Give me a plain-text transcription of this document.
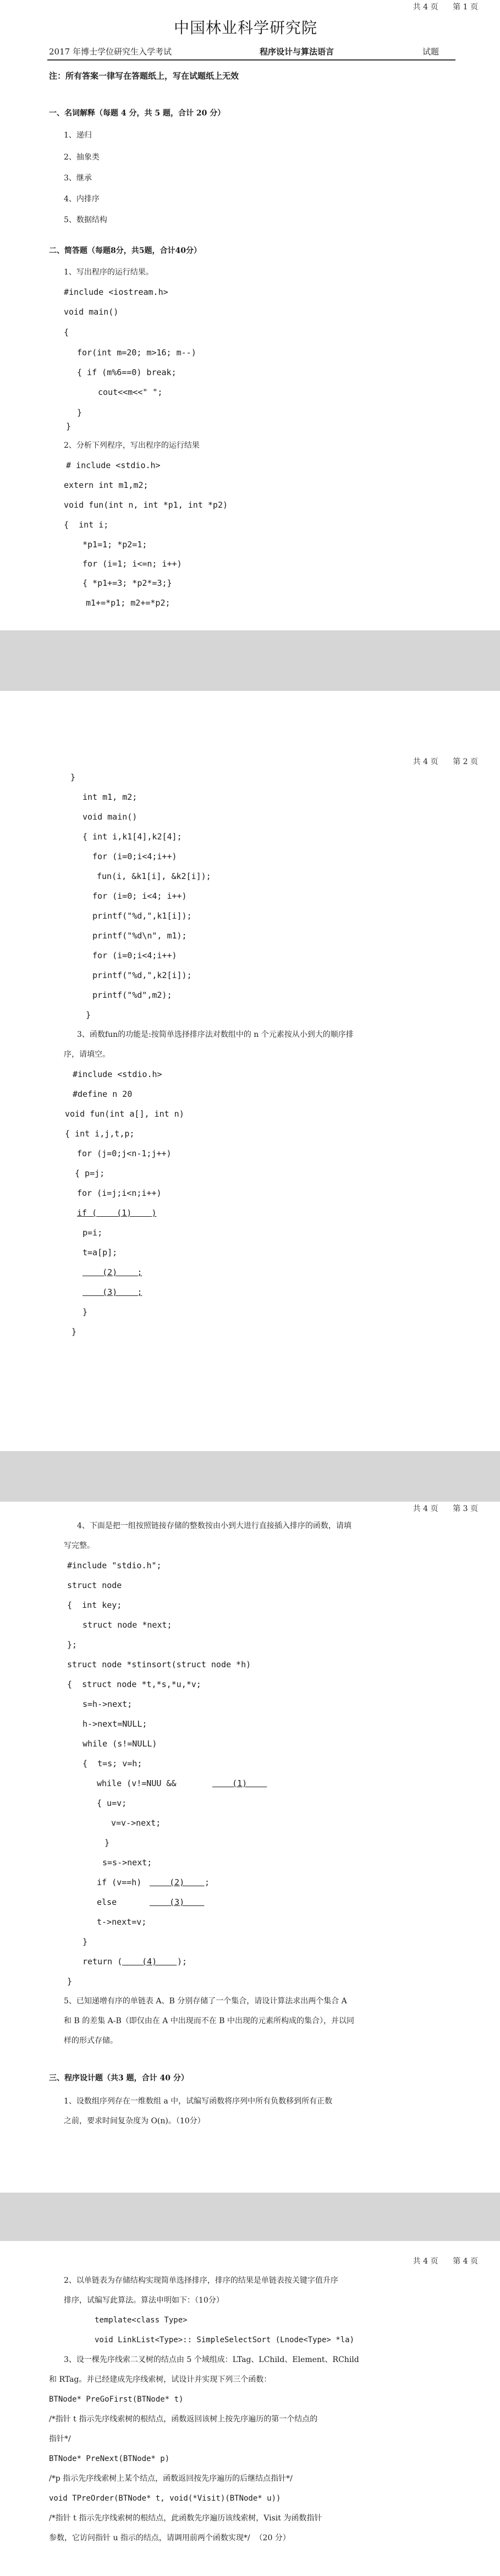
共 4 页      第 1 页
中国林业科学研究院
2017 年博士学位研究生入学考试	程序设计与算法语言	试题
注：所有答案一律写在答题纸上，写在试题纸上无效
一、名词解释（每题 4 分，共 5 题，合计 20 分）
1、递归
2、抽象类
3、继承
4、内排序
5、数据结构
二、简答题（每题8分，共5题，合计40分）
1、写出程序的运行结果。
#include <iostream.h>
void main()
{
for(int m=20; m>16; m--)
{ if (m%6==0) break;
cout<<m<<" ";
}
}
2、分析下列程序，写出程序的运行结果
# include <stdio.h>
extern int m1,m2;
void fun(int n, int *p1, int *p2)
{  int i;
*p1=1; *p2=1;
for (i=1; i<=n; i++)
{ *p1+=3; *p2*=3;}
m1+=*p1; m2+=*p2;
共 4 页      第 2 页
}
int m1, m2;
void main()
{ int i,k1[4],k2[4];
for (i=0;i<4;i++)
fun(i, &k1[i], &k2[i]);
for (i=0; i<4; i++)
printf("%d,",k1[i]);
printf("%d\n", m1);
for (i=0;i<4;i++)
printf("%d,",k2[i]);
printf("%d",m2);
}
3、函数fun的功能是:按简单选择排序法对数组中的 n 个元素按从小到大的顺序排
序，请填空。
#include <stdio.h>
#define n 20
void fun(int a[], int n)
{ int i,j,t,p;
for (j=0;j<n-1;j++)
{ p=j;
for (i=j;i<n;i++)
if (    (1)    )
p=i;
t=a[p];
(2)    ;
(3)    ;
}
}
共 4 页      第 3 页
4、下面是把一组按照链接存储的整数按由小到大进行直接插入排序的函数，请填
写完整。
#include "stdio.h";
struct node
{  int key;
struct node *next;
};
struct node *stinsort(struct node *h)
{  struct node *t,*s,*u,*v;
s=h->next;
h->next=NULL;
while (s!=NULL)
{  t=s; v=h;
while (v!=NUU &&	(1)
{ u=v;
v=v->next;
}
s=s->next;
if (v==h) (2) ;
else	(3)
t->next=v;
}
return ( (4) );
}
5、已知递增有序的单链表 A、B 分别存储了一个集合，请设计算法求出两个集合 A
和 B 的差集 A-B（即仅由在 A 中出现而不在 B 中出现的元素所构成的集合），并以同
样的形式存储。
三、程序设计题（共3 题，合计 40 分）
1、设数组序列存在一维数组 a 中，试编写函数将序列中所有负数移到所有正数
之前，要求时间复杂度为 O(n)。（10分）
共 4 页      第 4 页
2、以单链表为存储结构实现简单选择排序，排序的结果是单链表按关键字值升序
排序，试编写此算法。算法申明如下：（10分）
template<class Type>
void LinkList<Type>:: SimpleSelectSort (Lnode<Type> *la)
3、设一棵先序线索二叉树的结点由 5 个域组成：LTag、LChild、Element、RChild
和 RTag。并已经建成先序线索树，试设计并实现下列三个函数：
BTNode* PreGoFirst(BTNode* t)
/*指针 t 指示先序线索树的根结点，函数返回该树上按先序遍历的第一个结点的
指针*/
BTNode* PreNext(BTNode* p)
/*p 指示先序线索树上某个结点，函数返回按先序遍历的后继结点指针*/
void TPreOrder(BTNode* t, void(*Visit)(BTNode* u))
/*指针 t 指示先序线索树的根结点，此函数先序遍历该线索树，Visit 为函数指针
参数，它访问指针 u 指示的结点，请调用前两个函数实现*/  （20 分）
